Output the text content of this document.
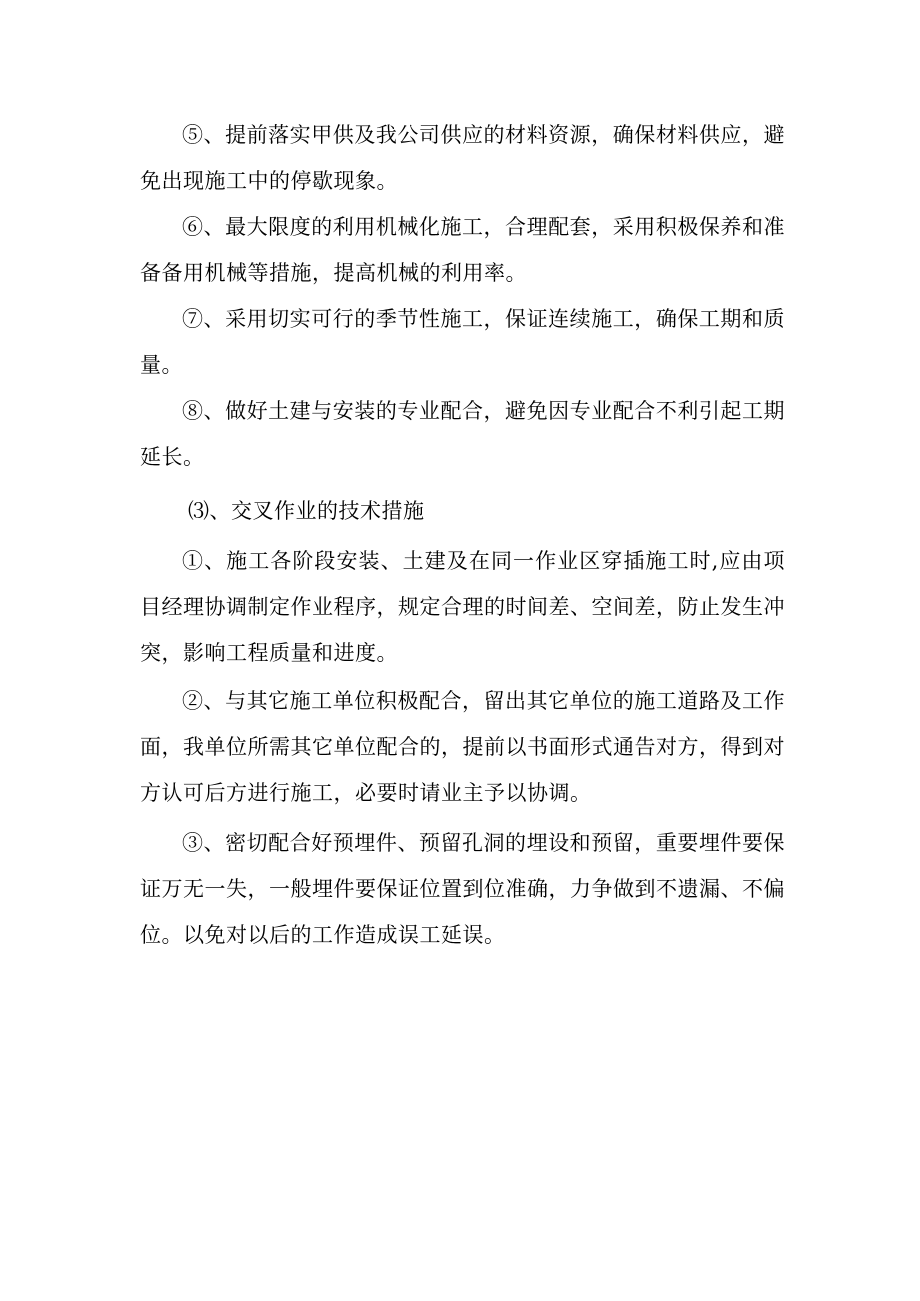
⑤、提前落实甲供及我公司供应的材料资源，确保材料供应，避免出现施工中的停歇现象。

⑥、最大限度的利用机械化施工，合理配套，采用积极保养和准备备用机械等措施，提高机械的利用率。

⑦、采用切实可行的季节性施工，保证连续施工，确保工期和质量。

⑧、做好土建与安装的专业配合，避免因专业配合不利引起工期延长。

⑶、交叉作业的技术措施

①、施工各阶段安装、土建及在同一作业区穿插施工时,应由项目经理协调制定作业程序，规定合理的时间差、空间差，防止发生冲突，影响工程质量和进度。

②、与其它施工单位积极配合，留出其它单位的施工道路及工作面，我单位所需其它单位配合的，提前以书面形式通告对方，得到对方认可后方进行施工，必要时请业主予以协调。

③、密切配合好预埋件、预留孔洞的埋设和预留，重要埋件要保证万无一失，一般埋件要保证位置到位准确，力争做到不遗漏、不偏位。以免对以后的工作造成误工延误。
